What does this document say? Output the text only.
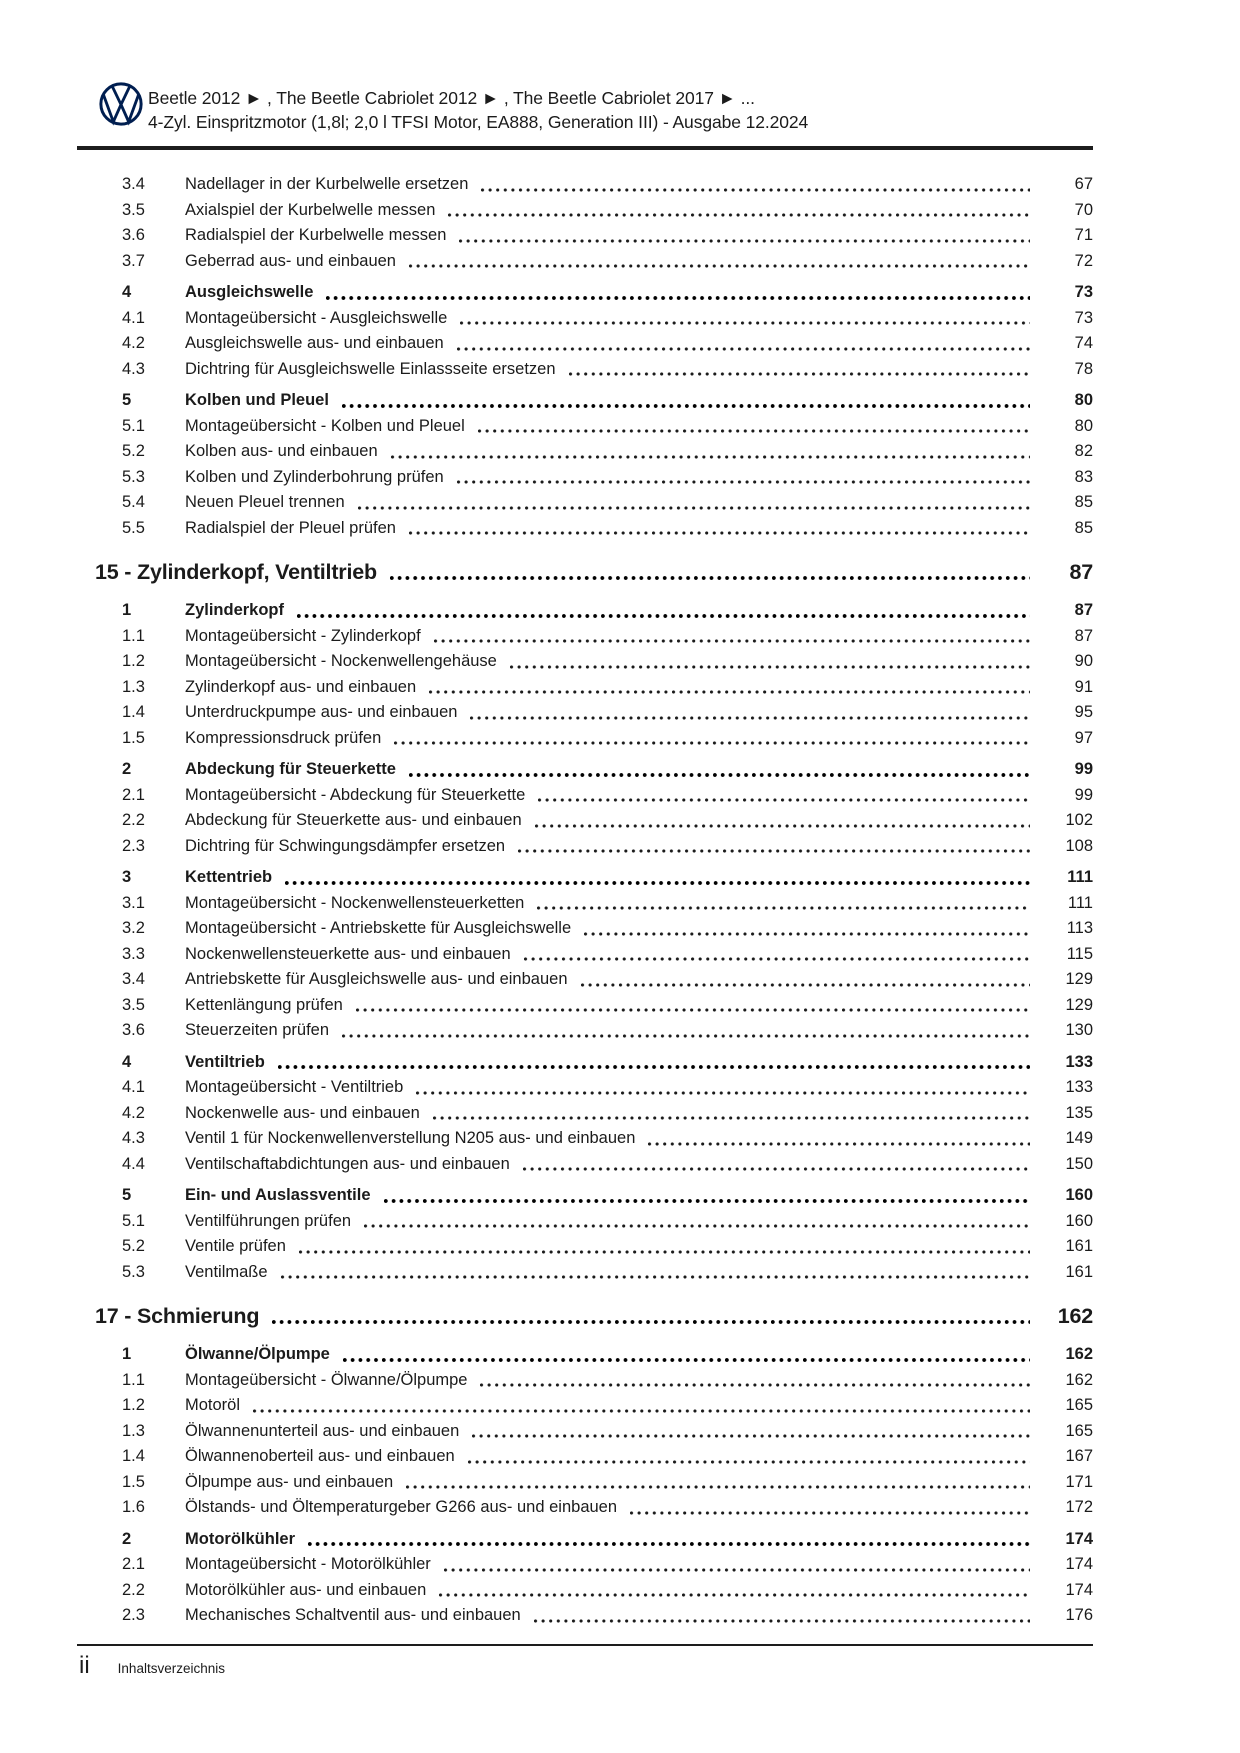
Beetle 2012 ► , The Beetle Cabriolet 2012 ► , The Beetle Cabriolet 2017 ► ...
4-Zyl. Einspritzmotor (1,8l; 2,0 l TFSI Motor, EA888, Generation III) - Ausgabe 12.2024
3.4	Nadellager in der Kurbelwelle ersetzen	67
3.5	Axialspiel der Kurbelwelle messen	70
3.6	Radialspiel der Kurbelwelle messen	71
3.7	Geberrad aus- und einbauen	72
4	Ausgleichswelle	73
4.1	Montageübersicht - Ausgleichswelle	73
4.2	Ausgleichswelle aus- und einbauen	74
4.3	Dichtring für Ausgleichswelle Einlassseite ersetzen	78
5	Kolben und Pleuel	80
5.1	Montageübersicht - Kolben und Pleuel	80
5.2	Kolben aus- und einbauen	82
5.3	Kolben und Zylinderbohrung prüfen	83
5.4	Neuen Pleuel trennen	85
5.5	Radialspiel der Pleuel prüfen	85
15 - Zylinderkopf, Ventiltrieb	87
1	Zylinderkopf	87
1.1	Montageübersicht - Zylinderkopf	87
1.2	Montageübersicht - Nockenwellengehäuse	90
1.3	Zylinderkopf aus- und einbauen	91
1.4	Unterdruckpumpe aus- und einbauen	95
1.5	Kompressionsdruck prüfen	97
2	Abdeckung für Steuerkette	99
2.1	Montageübersicht - Abdeckung für Steuerkette	99
2.2	Abdeckung für Steuerkette aus- und einbauen	102
2.3	Dichtring für Schwingungsdämpfer ersetzen	108
3	Kettentrieb	111
3.1	Montageübersicht - Nockenwellensteuerketten	111
3.2	Montageübersicht - Antriebskette für Ausgleichswelle	113
3.3	Nockenwellensteuerkette aus- und einbauen	115
3.4	Antriebskette für Ausgleichswelle aus- und einbauen	129
3.5	Kettenlängung prüfen	129
3.6	Steuerzeiten prüfen	130
4	Ventiltrieb	133
4.1	Montageübersicht - Ventiltrieb	133
4.2	Nockenwelle aus- und einbauen	135
4.3	Ventil 1 für Nockenwellenverstellung N205 aus- und einbauen	149
4.4	Ventilschaftabdichtungen aus- und einbauen	150
5	Ein- und Auslassventile	160
5.1	Ventilführungen prüfen	160
5.2	Ventile prüfen	161
5.3	Ventilmaße	161
17 - Schmierung	162
1	Ölwanne/Ölpumpe	162
1.1	Montageübersicht - Ölwanne/Ölpumpe	162
1.2	Motoröl	165
1.3	Ölwannenunterteil aus- und einbauen	165
1.4	Ölwannenoberteil aus- und einbauen	167
1.5	Ölpumpe aus- und einbauen	171
1.6	Ölstands- und Öltemperaturgeber G266 aus- und einbauen	172
2	Motorölkühler	174
2.1	Montageübersicht - Motorölkühler	174
2.2	Motorölkühler aus- und einbauen	174
2.3	Mechanisches Schaltventil aus- und einbauen	176
ii Inhaltsverzeichnis
